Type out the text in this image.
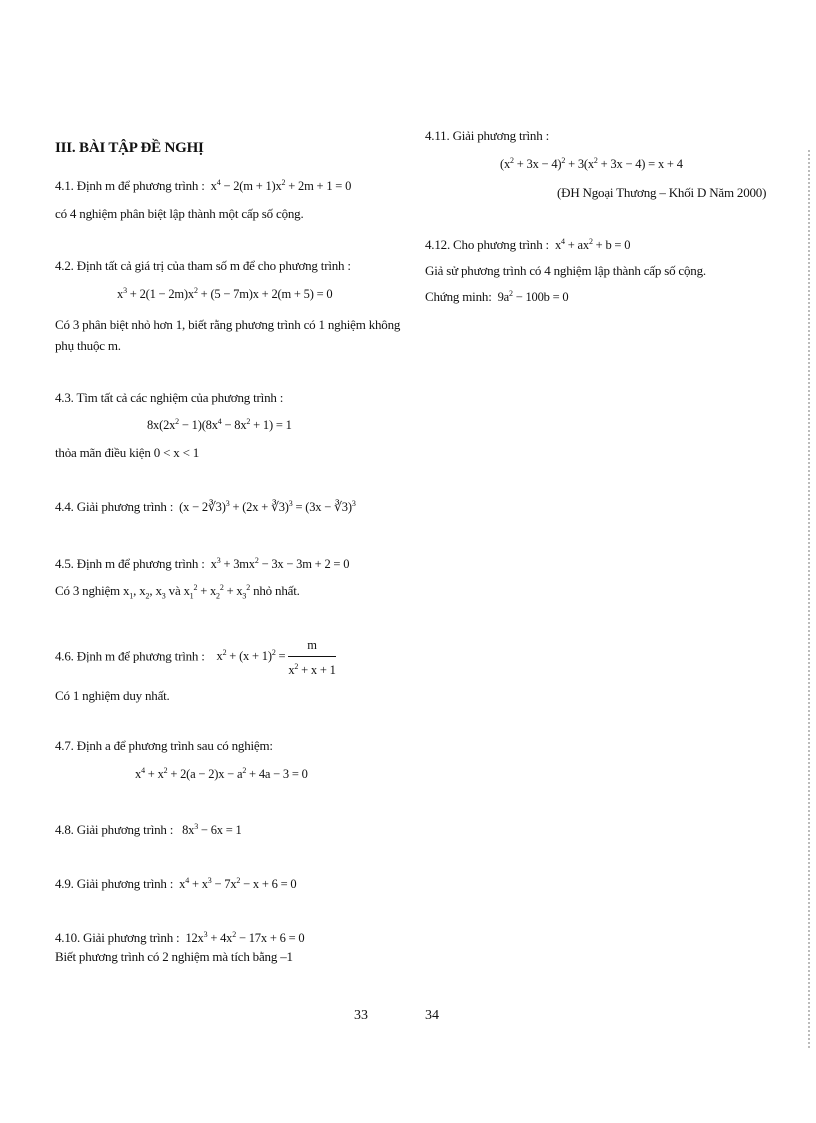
III. BÀI TẬP ĐỀ NGHỊ
4.1. Định m để phương trình :  $x^4 - 2(m + 1)x^2 + 2m + 1 = 0$
có 4 nghiệm phân biệt lập thành một cấp số cộng.
4.2. Định tất cả giá trị của tham số m để cho phương trình :
$x^3 + 2(1 - 2m)x^2 + (5 - 7m)x + 2(m + 5) = 0$
Có 3 phân biệt nhỏ hơn 1, biết rằng phương trình có 1 nghiệm không
phụ thuộc m.
4.3. Tìm tất cả các nghiệm của phương trình :
$8x(2x^2 - 1)(8x^4 - 8x^2 + 1) = 1$
thỏa mãn điều kiện 0 < x < 1
4.4. Giải phương trình :  (x − 2∛3)$^3$ + (2x + ∛3)$^3$ = (3x − ∛3)$^3$
4.5. Định m để phương trình :  $x^3 + 3mx^2 - 3x - 3m + 2 = 0$
Có 3 nghiệm $x_1$, $x_2$, $x_3$ và $x_1^2 + x_2^2 + x_3^2$ nhỏ nhất.
4.6. Định m để phương trình :    $x^2 + (x + 1)^2 = \frac{m}{x^2 + x + 1}$
Có 1 nghiệm duy nhất.
4.7. Định a để phương trình sau có nghiệm:
$x^4 + x^2 + 2(a - 2)x - a^2 + 4a - 3 = 0$
4.8. Giải phương trình :   $8x^3 - 6x = 1$
4.9. Giải phương trình :  $x^4 + x^3 - 7x^2 - x + 6 = 0$
4.10. Giải phương trình :  $12x^3 + 4x^2 - 17x + 6 = 0$
Biết phương trình có 2 nghiệm mà tích bằng –1
4.11. Giải phương trình :
$(x^2 + 3x - 4)^2 + 3(x^2 + 3x - 4) = x + 4$
(ĐH Ngoại Thương – Khối D Năm 2000)
4.12. Cho phương trình :  $x^4 + ax^2 + b = 0$
Giả sử phương trình có 4 nghiệm lập thành cấp số cộng.
Chứng minh:  $9a^2 - 100b = 0$
33	34
